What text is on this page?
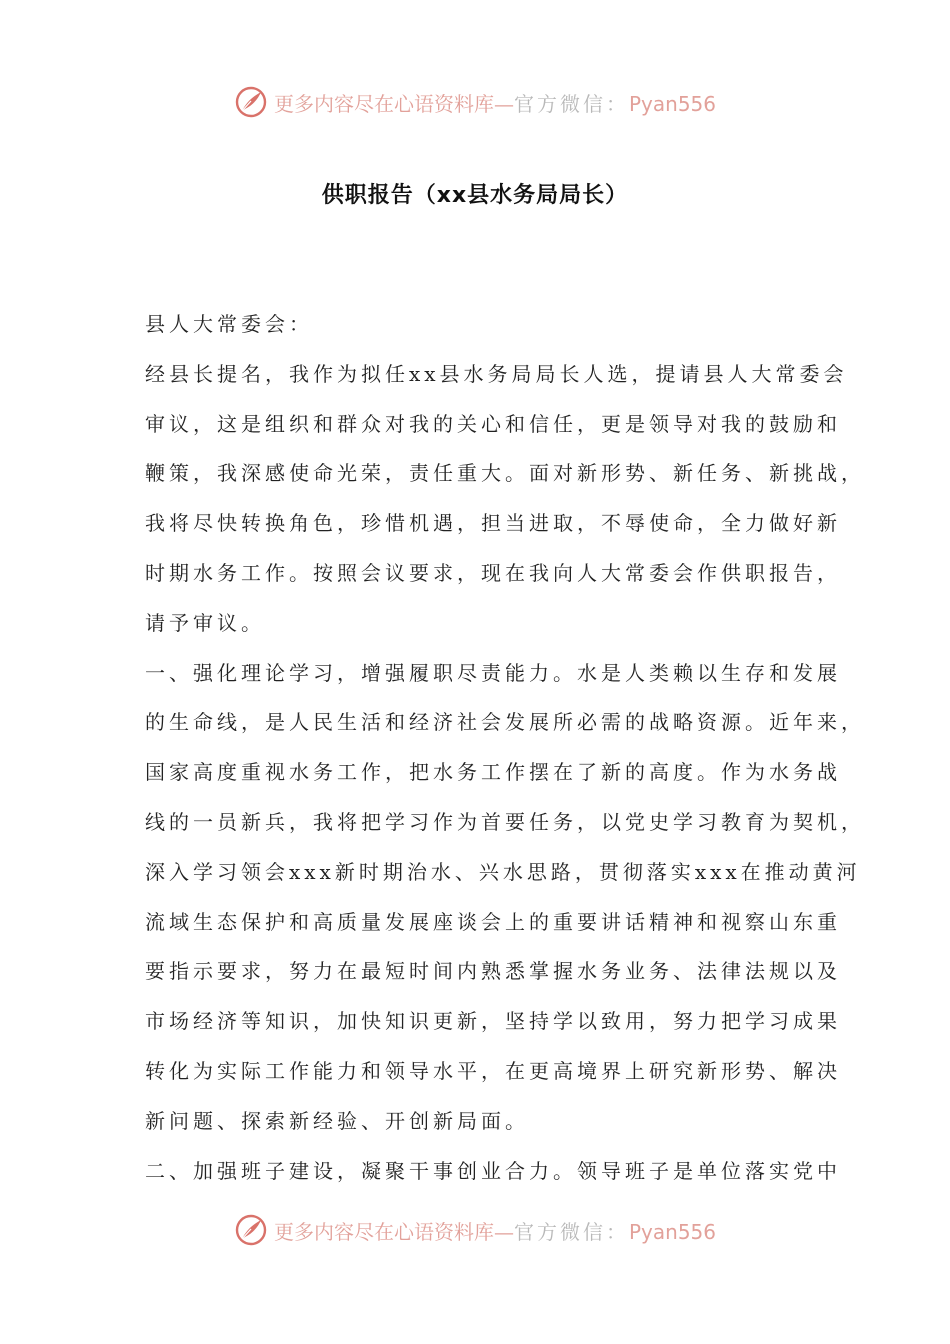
更多内容尽在心语资料库—官方微信：Pyan556
供职报告（xx县水务局局长）

县人大常委会：

经县长提名，我作为拟任xx县水务局局长人选，提请县人大常委会

审议，这是组织和群众对我的关心和信任，更是领导对我的鼓励和

鞭策，我深感使命光荣，责任重大。面对新形势、新任务、新挑战，

我将尽快转换角色，珍惜机遇，担当进取，不辱使命，全力做好新

时期水务工作。按照会议要求，现在我向人大常委会作供职报告，

请予审议。

一、强化理论学习，增强履职尽责能力。水是人类赖以生存和发展

的生命线，是人民生活和经济社会发展所必需的战略资源。近年来，

国家高度重视水务工作，把水务工作摆在了新的高度。作为水务战

线的一员新兵，我将把学习作为首要任务，以党史学习教育为契机，

深入学习领会xxx新时期治水、兴水思路，贯彻落实xxx在推动黄河

流域生态保护和高质量发展座谈会上的重要讲话精神和视察山东重

要指示要求，努力在最短时间内熟悉掌握水务业务、法律法规以及

市场经济等知识，加快知识更新，坚持学以致用，努力把学习成果

转化为实际工作能力和领导水平，在更高境界上研究新形势、解决

新问题、探索新经验、开创新局面。

二、加强班子建设，凝聚干事创业合力。领导班子是单位落实党中

更多内容尽在心语资料库—官方微信：Pyan556
